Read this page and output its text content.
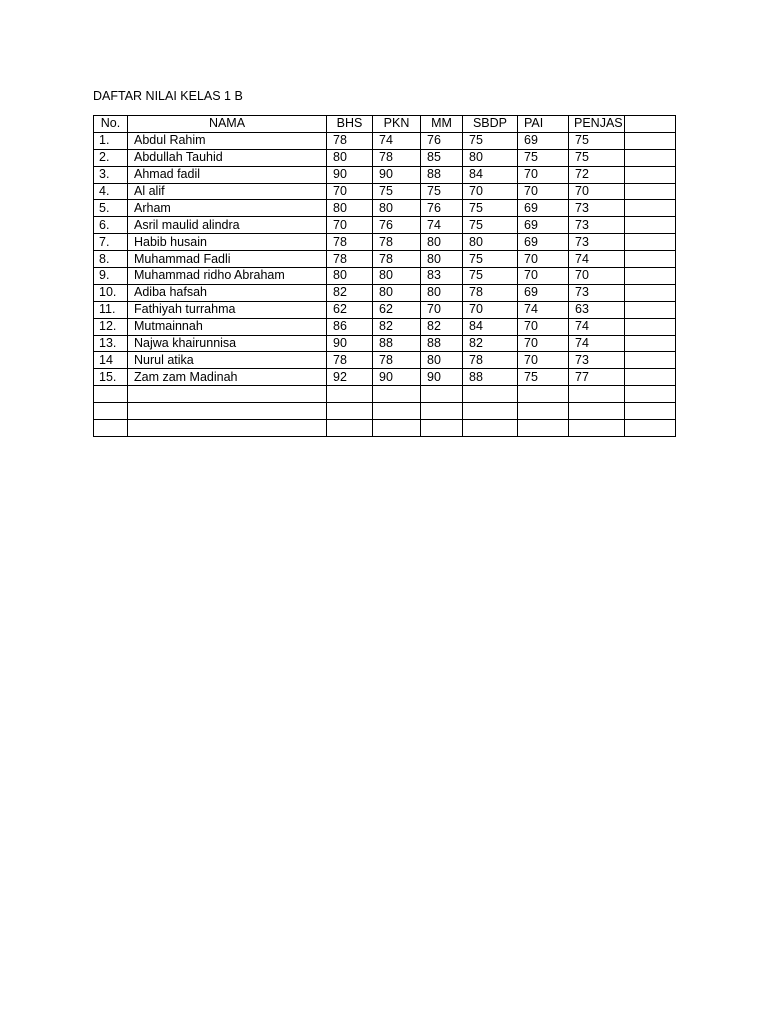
DAFTAR NILAI KELAS 1 B
No.	NAMA	BHS	PKN	MM	SBDP	PAI	PENJAS	
1.	Abdul Rahim	78	74	76	75	69	75	
2.	Abdullah Tauhid	80	78	85	80	75	75	
3.	Ahmad fadil	90	90	88	84	70	72	
4.	Al alif	70	75	75	70	70	70	
5.	Arham	80	80	76	75	69	73	
6.	Asril maulid alindra	70	76	74	75	69	73	
7.	Habib husain	78	78	80	80	69	73	
8.	Muhammad Fadli	78	78	80	75	70	74	
9.	Muhammad ridho Abraham	80	80	83	75	70	70	
10.	Adiba hafsah	82	80	80	78	69	73	
11.	Fathiyah turrahma	62	62	70	70	74	63	
12.	Mutmainnah	86	82	82	84	70	74	
13.	Najwa khairunnisa	90	88	88	82	70	74	
14	Nurul atika	78	78	80	78	70	73	
15.	Zam zam Madinah	92	90	90	88	75	77	
